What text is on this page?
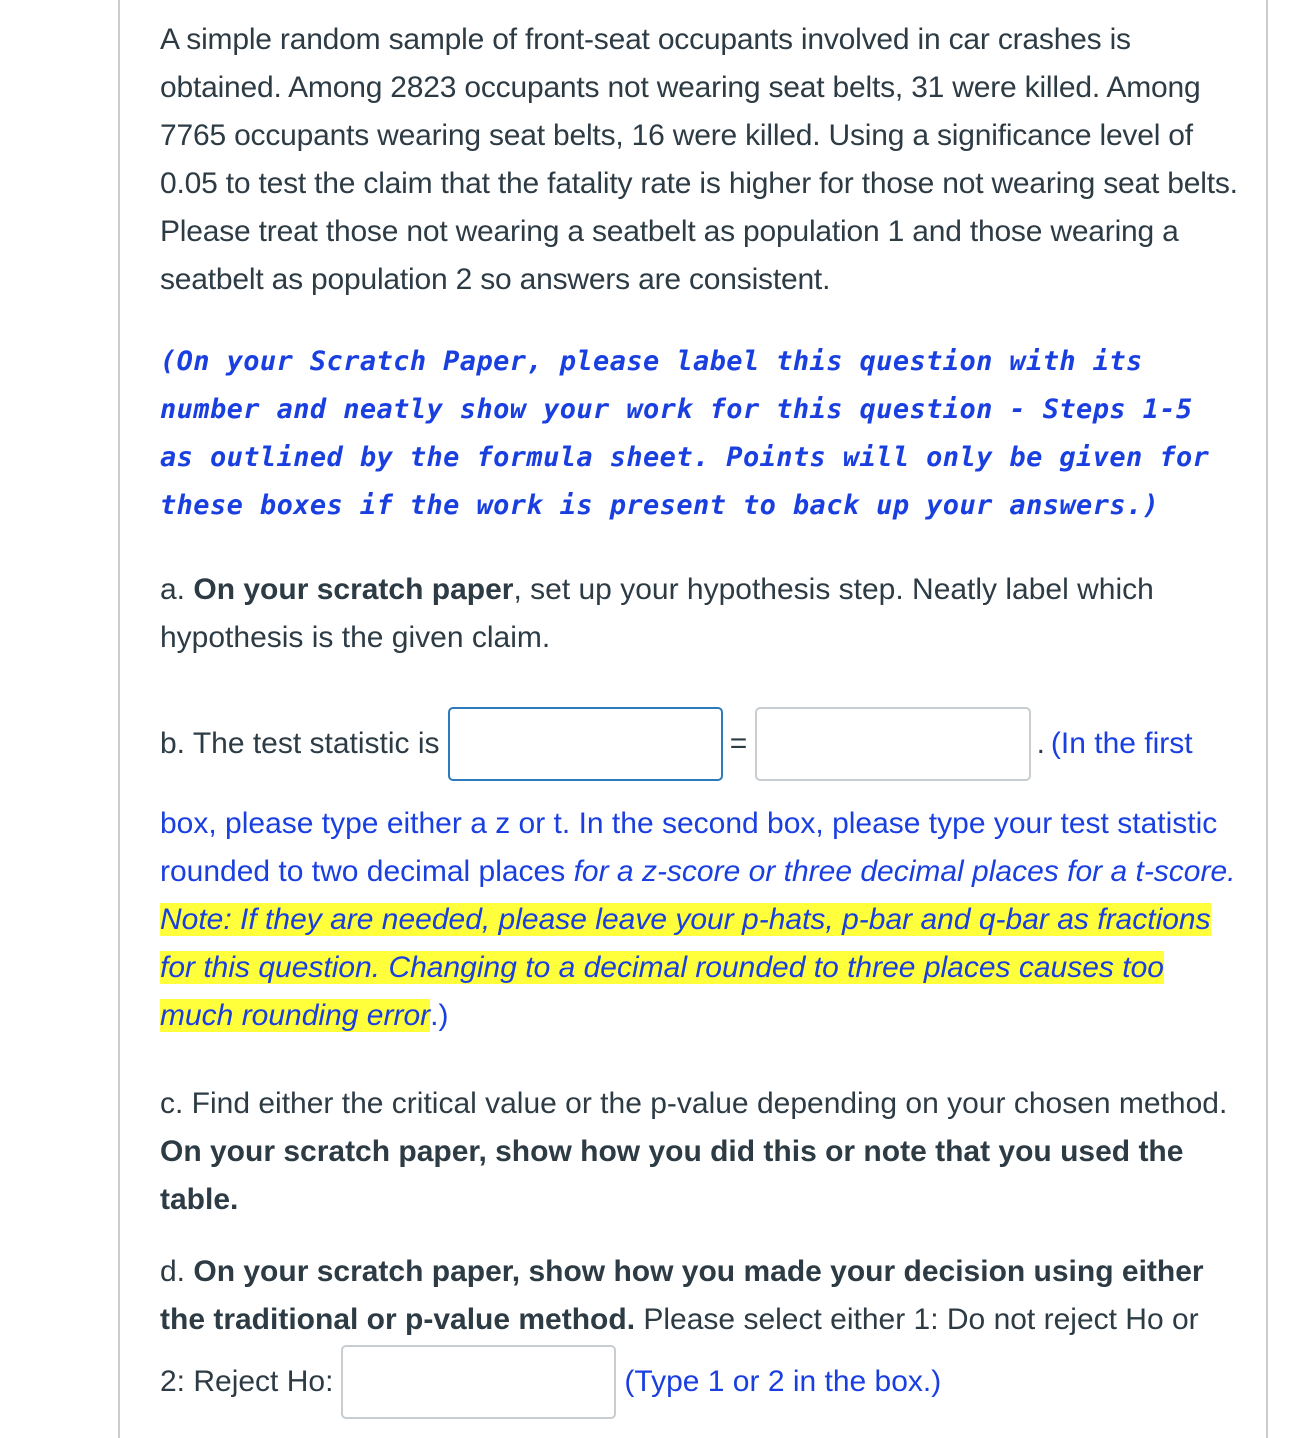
A simple random sample of front-seat occupants involved in car crashes is obtained. Among 2823 occupants not wearing seat belts, 31 were killed. Among 7765 occupants wearing seat belts, 16 were killed. Using a significance level of 0.05 to test the claim that the fatality rate is higher for those not wearing seat belts. Please treat those not wearing a seatbelt as population 1 and those wearing a seatbelt as population 2 so answers are consistent.

(On your Scratch Paper, please label this question with its number and neatly show your work for this question - Steps 1-5 as outlined by the formula sheet. Points will only be given for these boxes if the work is present to back up your answers.)

a. On your scratch paper, set up your hypothesis step. Neatly label which hypothesis is the given claim.

b. The test statistic is	=	. (In the first

box, please type either a z or t. In the second box, please type your test statistic rounded to two decimal places for a z-score or three decimal places for a t-score. Note: If they are needed, please leave your p-hats, p-bar and q-bar as fractions for this question. Changing to a decimal rounded to three places causes too much rounding error.)

c. Find either the critical value or the p-value depending on your chosen method. On your scratch paper, show how you did this or note that you used the table.

d. On your scratch paper, show how you made your decision using either the traditional or p-value method. Please select either 1: Do not reject Ho or

2: Reject Ho:	(Type 1 or 2 in the box.)
